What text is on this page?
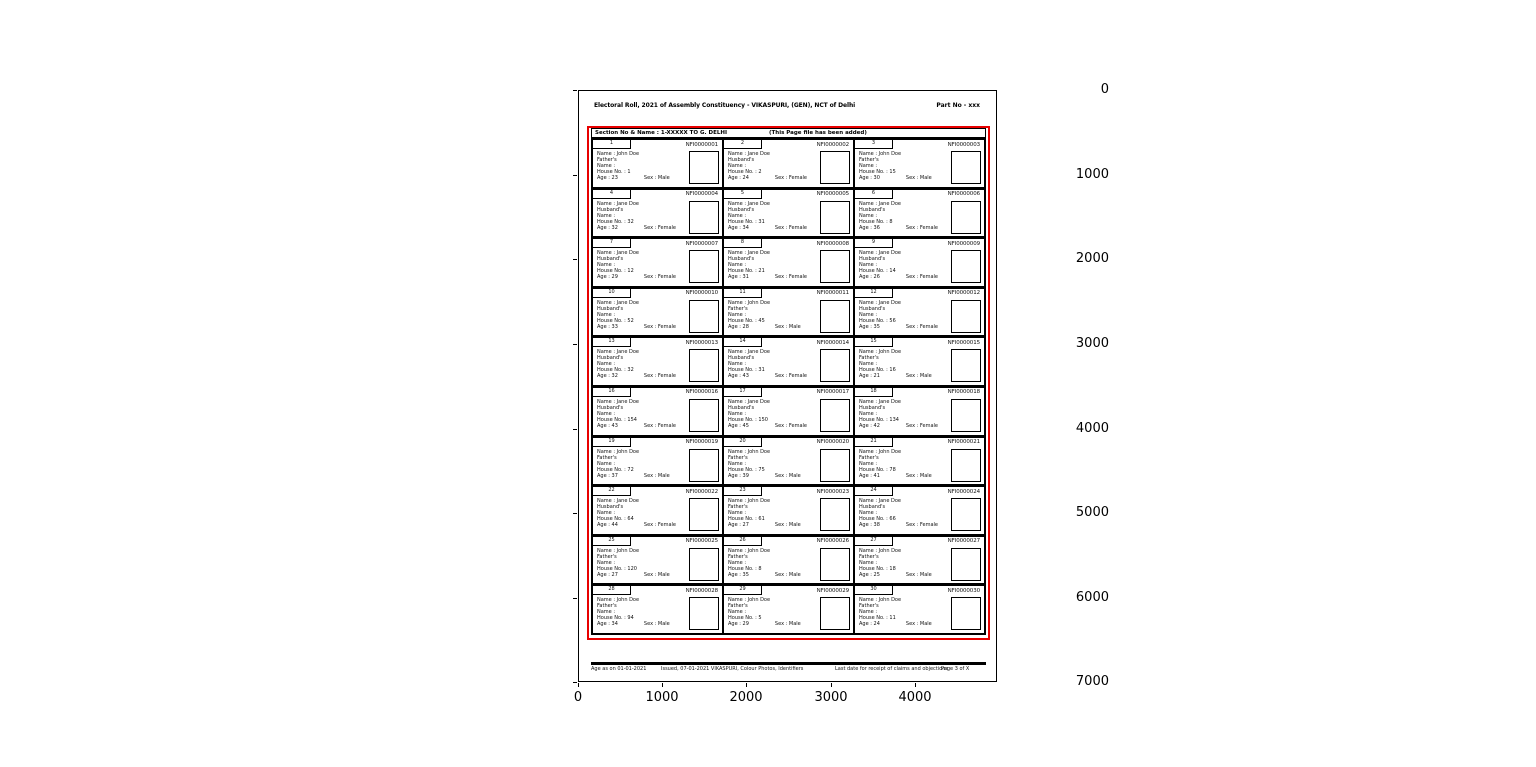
0
1000
2000
3000
4000
5000
6000
7000
0	1000	2000	3000	4000
Electoral Roll, 2021 of Assembly Constituency - VIKASPURI, (GEN), NCT of Delhi	Part No - xxx
Section No & Name : 1-XXXXX TO G. DELHI	(This Page file has been added)
1	NFI0000001
Name : John Doe
Father's
Name :
House No. : 1
Age : 23	Sex : Male
2	NFI0000002
Name : Jane Doe
Husband's
Name :
House No. : 2
Age : 24	Sex : Female
3	NFI0000003
Name : John Doe
Father's
Name :
House No. : 15
Age : 30	Sex : Male
4	NFI0000004
Name : Jane Doe
Husband's
Name :
House No. : 32
Age : 32	Sex : Female
5	NFI0000005
Name : Jane Doe
Husband's
Name :
House No. : 31
Age : 34	Sex : Female
6	NFI0000006
Name : Jane Doe
Husband's
Name :
House No. : 8
Age : 36	Sex : Female
7	NFI0000007
Name : Jane Doe
Husband's
Name :
House No. : 12
Age : 29	Sex : Female
8	NFI0000008
Name : Jane Doe
Husband's
Name :
House No. : 21
Age : 31	Sex : Female
9	NFI0000009
Name : Jane Doe
Husband's
Name :
House No. : 14
Age : 26	Sex : Female
10	NFI0000010
Name : Jane Doe
Husband's
Name :
House No. : 52
Age : 33	Sex : Female
11	NFI0000011
Name : John Doe
Father's
Name :
House No. : 45
Age : 28	Sex : Male
12	NFI0000012
Name : Jane Doe
Husband's
Name :
House No. : 56
Age : 35	Sex : Female
13	NFI0000013
Name : Jane Doe
Husband's
Name :
House No. : 32
Age : 32	Sex : Female
14	NFI0000014
Name : Jane Doe
Husband's
Name :
House No. : 31
Age : 43	Sex : Female
15	NFI0000015
Name : John Doe
Father's
Name :
House No. : 16
Age : 21	Sex : Male
16	NFI0000016
Name : Jane Doe
Husband's
Name :
House No. : 154
Age : 43	Sex : Female
17	NFI0000017
Name : Jane Doe
Husband's
Name :
House No. : 150
Age : 45	Sex : Female
18	NFI0000018
Name : Jane Doe
Husband's
Name :
House No. : 134
Age : 42	Sex : Female
19	NFI0000019
Name : John Doe
Father's
Name :
House No. : 72
Age : 37	Sex : Male
20	NFI0000020
Name : John Doe
Father's
Name :
House No. : 75
Age : 39	Sex : Male
21	NFI0000021
Name : John Doe
Father's
Name :
House No. : 78
Age : 41	Sex : Male
22	NFI0000022
Name : Jane Doe
Husband's
Name :
House No. : 64
Age : 44	Sex : Female
23	NFI0000023
Name : John Doe
Father's
Name :
House No. : 61
Age : 27	Sex : Male
24	NFI0000024
Name : Jane Doe
Husband's
Name :
House No. : 66
Age : 38	Sex : Female
25	NFI0000025
Name : John Doe
Father's
Name :
House No. : 120
Age : 27	Sex : Male
26	NFI0000026
Name : John Doe
Father's
Name :
House No. : 8
Age : 35	Sex : Male
27	NFI0000027
Name : John Doe
Father's
Name :
House No. : 18
Age : 25	Sex : Male
28	NFI0000028
Name : John Doe
Father's
Name :
House No. : 94
Age : 34	Sex : Male
29	NFI0000029
Name : John Doe
Father's
Name :
House No. : 5
Age : 29	Sex : Male
30	NFI0000030
Name : John Doe
Father's
Name :
House No. : 11
Age : 24	Sex : Male
Age as on 01-01-2021	Issued, 07-01-2021 VIKASPURI, Colour Photos, Identifiers	Last date for receipt of claims and objections
Page 3 of X
